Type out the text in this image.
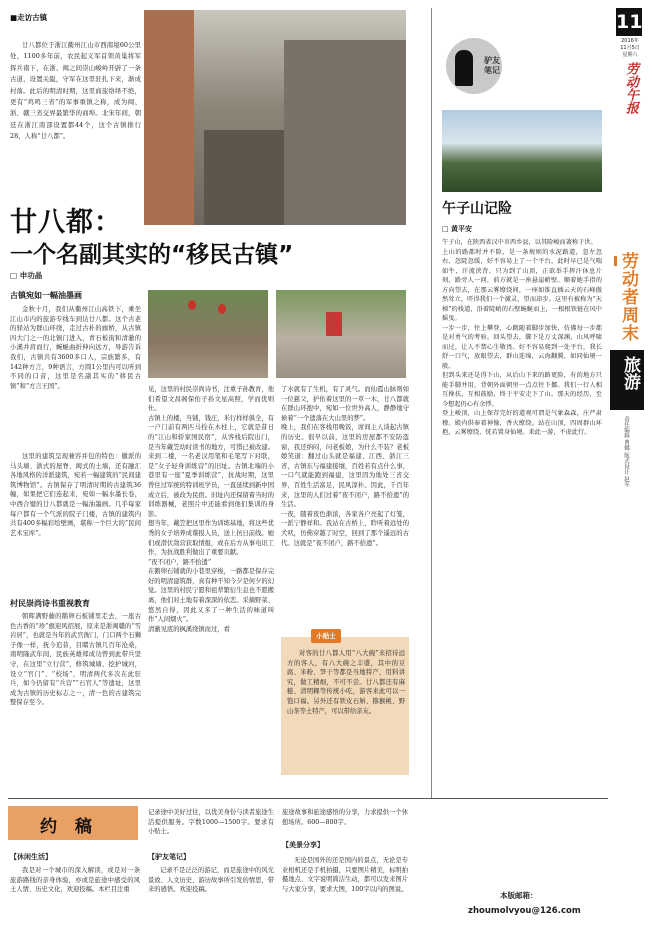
■走访古镇
廿八都位于浙江衢州江山市西南境60公里处，1100多年前，农民起义军首领黄巢将军挥兵南下，在浙、闽之间崇山峻岭开辟了一条古道，设置关隘，守军在这里驻扎下来，渐成村落。此后的明清时期，这里商旅络绎不绝，更有“鸡鸣三省”的军事重镇之称，成为闽、浙、赣三省交界最繁华的商埠。北宋年间，朝廷在浙江南部设置都44个，这个古镇排行28，人称“廿八都”。
廿八都：
一个名副其实的“移民古镇”
□ 申功晶
古镇宛如一幅油墨画
金秋十月，我们从衢州江山高铁下，乘坐江山市内的旅游专线车到达廿八都。这个古老的驿站为群山环绕，走过古朴的廊桥，从古镇四大门之一的北镇门进入，青石板街和清澈的小溪并肩而行，蜿蜒曲折伸向远方，导游告诉我们，古镇共有3600多口人，宗族繁多，有142种方言，9种语言，方圆1公里内可以听到不同的口音，这里是名副其实的“移民古镇”和“方言王国”。
这里的建筑呈现兼容并包的特色：徽派的马头墙、浙式的屋脊、闽式的土墙，还有融汇各地风格的洋派建筑，宛若一幅建筑的“民间建筑博物馆”。古镇保存了明清时期的古建筑36幢，如果把它们连起来，宛如一幅水墨长卷，中西合璧的廿八都就是一幅油墨画。几乎每家每户都有一个气派的院子门楼，古镇的建筑内共有400多幅彩绘壁画，堪称一个巨大的“民间艺术宝库”。
村民崇尚诗书重视教育
朝晖满野藤的鹅卵石板铺里走去，一座古色古香的“珍”旗迎风招展，原来是浙闽赣的“雪岩居”，也就是当年的武官衙门，门口两个石狮子像一样，抚今追昔，目睹古镇几百年沧桑，南明隆武年间，民族英雄郑成功曾到此带兵坚守，在这里“立行营”，修筑城墙、挖护城河，设立“官门”、“校场”，明清两代多次在此驻兵，如今仍留有“兵营”“石官人”等遗址，这里成为古镇的历史标志之一，清一色的古建筑完整保存至今。
见，这里的村民崇尚诗书，注重子孙教育，他们希望文昌阁保佑子孙文星高照，学而优则仕。
古镇上的楼，当铺，钱庄，米行样样俱全，有一户门前有两匹马拴在木柱上，它就是昔日的“江山和轿家国民宿”，从客栈后院出门，是当年戴笠幼时读书的地方，可惜已被改建。来到二楼，一名老汉用笔和毛笔写下对联，是“女子轻身训练营”的旧址。古镇北端的小巷里有一座“夏季训练营”，抗战时期，这里曾住过军统的特训班学员，一直延续到新中国成立后，被改为民宿。旧址内还保留着当时的训练器械，老照片中还能看到他们集训的身影。
想当年，戴笠把这里作为训练基地，将这些优秀的女子培养成谍报人员，送上抗日前线。她们或潜伏敌营获取情报，或在后方从事电讯工作，为抗战胜利做出了重要贡献。
“夜不闭户，路不拾遗”
在鹅卵石铺就的小巷里穿梭，一路都是保存完好的明清建筑群，真有种不知今夕是何夕的幻觉。这里的村民宁愿和祖辈繁衍生息也不愿搬离，他们对土地有着深深的依恋。采摘野菜、悠然自得，因此又多了一种生活的味道叫作“人间烟火”。
清澈见底的枫溪绕镇而过，看
了水就有了生机，有了灵气。而仙霞山脉则如一位慈父，护佑着这里的一草一木，廿八都就在群山环抱中，宛如一位世外高人，静静地守候着“一个遗落在大山里的梦”。
晚上，我们在客栈用晚饭，席间主人谈起古镇的历史。很早以前，这里的房屋都不安防盗窗，我还纳闷，问老板娘，为什么不装？老板娘笑道：翻过山头就是福建、江西、浙江三省，古镇东与福建接壤，百姓若有点什么事，一口气就能跑到福建，这里因为地处三省交界，百姓生活富足，民风淳朴。因此，千百年来，这里的人们过着“夜不闭户，路不拾遗”的生活。
一夜，随着夜色渐浓，各家各户亮起了灯笼，一派宁静祥和。我站在古桥上，聆听着远处的犬吠，仿佛穿越了时空，回到了那个遥远的古代。这就是“夜不闭户，路不拾遗”。
小贴士
对客的廿八都人用“八大碗”来招待远方的客人，有八大碗之丰盛，其中的豆腐、米粉、笋干等都是当地特产，用料讲究，做工精细，不可不尝。廿八都还有麻糍、清明粿等传统小吃，游客来此可以一饱口福。另外还有铁皮石斛、猕猴桃、野山茶等土特产，可以带给亲友。
11
2016年
11月5日
星期六
劳动午报
驴友
笔记
午子山记险
□ 黄平安
午子山，在陕西省汉中市西乡县，以其险峻而著称于世。
上山的路都时并不险，是一条规则的水泥路道，忽左忽右，忽陡忽缓，好不容易上了一个平台，此时早已是气喘如牛，汗流浃背。只为到了山顶，正欲举手挥汗休息片刻，路旁人一问，前方就是一座悬崖峭壁。顺着她手指的方向望去，在那云雾缭绕间，一座如锥直插云天的石峰傲然耸立，吓得我们一个激灵，望而却步。这里有被称为“天梯”的栈道，沿着陡峭的石壁蜿蜒而上，一根根铁链在风中摇曳。
一步一步，往上攀登，心跳随着脚步加快，仿佛每一步都是对勇气的考验。回头望去，脚下是万丈深渊，山风呼啸而过，让人不禁心生敬畏。好不容易爬到一处平台，我长舒一口气，放眼望去，群山连绵，云海翻腾，如同仙境一般。
但到头来还是得下山，从后山下来的路更险，有的地方只能手脚并用，背朝外面朝里一点点往下挪。我们一行人相互搀扶，互相鼓励，终于平安走下了山。那天的经历，至今想起仍心有余悸。
登上峻顶，山上保存完好的道观可谓是气象森森，庄严肃穆。殿内供奉着神像，香火缭绕。站在山顶，四周群山环抱，云雾缭绕，恍若置身仙境。来此一游，不虚此行。
劳动者周末
旅游
责任编辑 曹娜 版式设计 赵军
约 稿
【休闲生活】
我是对一个城市的深入解读，或是对一条旅游路线的亲身体验，亦或是旅途中感受的风土人情、历史文化，欢迎投稿。本栏目注重
记录途中美好过往，以优美身份与读者旅途生活提供服务。字数1000—1500字。要求有小贴士。
【驴友笔记】
记录不是泛泛的游记，而是旅途中的风光景致、人文历史、游历故事所引发的情思，带来的感悟。欢迎投稿。
旅途故事和旅途感悟的分享，力求提供一个休憩场所。600—800字。
【美景分享】
无论是国外的还是国内的景点，无论是专业相机还是手机拍摄，只要图片精美，标明拍摄地点、文字说明简洁生动，都可以发来图片与大家分享，要求大图，100字以内的图说。
本版邮箱：
zhoumolvyou@126.com
